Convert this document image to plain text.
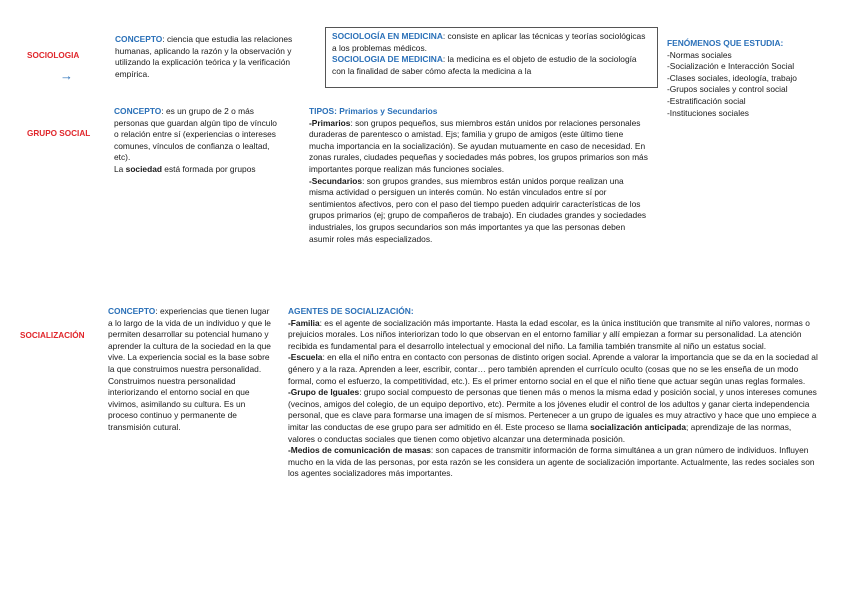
SOCIOLOGIA
→

CONCEPTO: ciencia que estudia las relaciones humanas, aplicando la razón y la observación y utilizando la explicación teórica y la verificación empírica.

SOCIOLOGÍA EN MEDICINA: consiste en aplicar las técnicas y teorías sociológicas a los problemas médicos.

SOCIOLOGIA DE MEDICINA: la medicina es el objeto de estudio de la sociología con la finalidad de saber cómo afecta la medicina a la

FENÓMENOS QUE ESTUDIA:

-Normas sociales

-Socialización e Interacción Social

-Clases sociales, ideología, trabajo

-Grupos sociales y control social

-Estratificación social

-Instituciones sociales

GRUPO SOCIAL

CONCEPTO: es un grupo de 2 o más personas que guardan algún tipo de vínculo o relación entre sí (experiencias o intereses comunes, vínculos de confianza o lealtad, etc).

La sociedad está formada por grupos

TIPOS: Primarios y Secundarios

-Primarios: son grupos pequeños, sus miembros están unidos por relaciones personales duraderas de parentesco o amistad. Ejs; familia y grupo de amigos (este último tiene mucha importancia en la socialización). Se ayudan mutuamente en caso de necesidad. En zonas rurales, ciudades pequeñas y sociedades más pobres, los grupos primarios son más importantes porque realizan más funciones sociales.

-Secundarios: son grupos grandes, sus miembros están unidos porque realizan una misma actividad o persiguen un interés común. No están vinculados entre sí por sentimientos afectivos, pero con el paso del tiempo pueden adquirir características de los grupos primarios (ej; grupo de compañeros de trabajo). En ciudades grandes y sociedades industriales, los grupos secundarios son más importantes ya que las personas deben asumir roles más especializados.

SOCIALIZACIÓN

CONCEPTO: experiencias que tienen lugar a lo largo de la vida de un individuo y que le permiten desarrollar su potencial humano y aprender la cultura de la sociedad en la que vive. La experiencia social es la base sobre la que construimos nuestra personalidad. Construimos nuestra personalidad interiorizando el entorno social en que vivimos, asimilando su cultura. Es un proceso continuo y permanente de transmisión cutural.

AGENTES DE SOCIALIZACIÓN:

-Familia: es el agente de socialización más importante. Hasta la edad escolar, es la única institución que transmite al niño valores, normas o prejuicios morales. Los niños interiorizan todo lo que observan en el entorno familiar y allí empiezan a formar su personalidad. La atención recibida es fundamental para el desarrollo intelectual y emocional del niño. La familia también transmite al niño un estatus social.

-Escuela: en ella el niño entra en contacto con personas de distinto origen social. Aprende a valorar la importancia que se da en la sociedad al género y a la raza. Aprenden a leer, escribir, contar… pero también aprenden el currículo oculto (cosas que no se les enseña de un modo formal, como el esfuerzo, la competitividad, etc.). Es el primer entorno social en el que el niño tiene que actuar según unas reglas formales.

-Grupo de Iguales: grupo social compuesto de personas que tienen más o menos la misma edad y posición social, y unos intereses comunes (vecinos, amigos del colegio, de un equipo deportivo, etc). Permite a los jóvenes eludir el control de los adultos y ganar cierta independencia personal, que es clave para formarse una imagen de sí mismos. Pertenecer a un grupo de iguales es muy atractivo y hace que uno empiece a imitar las conductas de ese grupo para ser admitido en él. Este proceso se llama socialización anticipada; aprendizaje de las normas, valores o conductas sociales que tienen como objetivo alcanzar una determinada posición.

-Medios de comunicación de masas: son capaces de transmitir información de forma simultánea a un gran número de individuos. Influyen mucho en la vida de las personas, por esta razón se les considera un agente de socialización importante. Actualmente, las redes sociales son los agentes socializadores más importantes.
